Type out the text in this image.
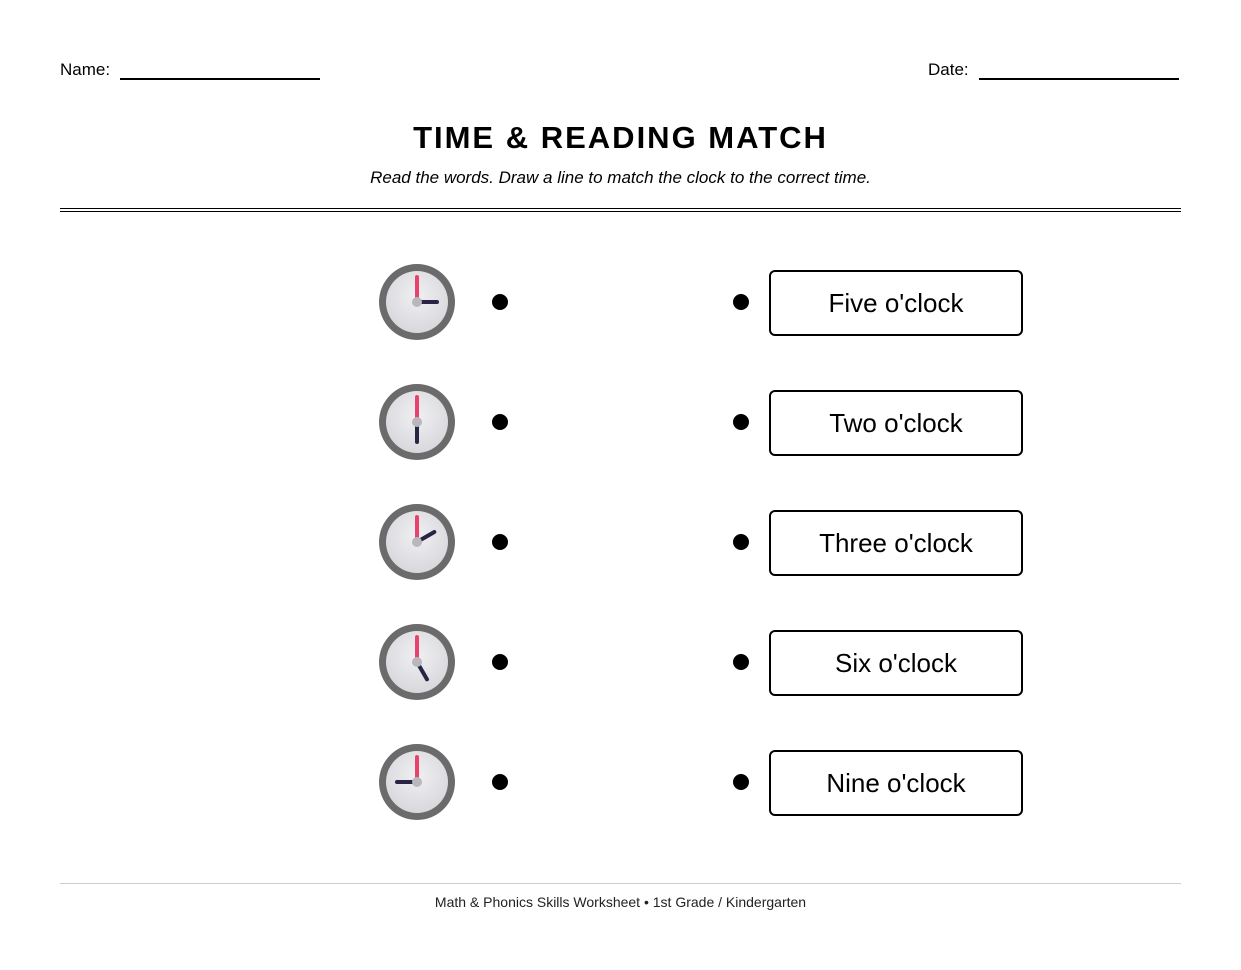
Name:	Date:
TIME & READING MATCH
Read the words. Draw a line to match the clock to the correct time.
Five o'clock
Two o'clock
Three o'clock
Six o'clock
Nine o'clock
Math & Phonics Skills Worksheet • 1st Grade / Kindergarten
